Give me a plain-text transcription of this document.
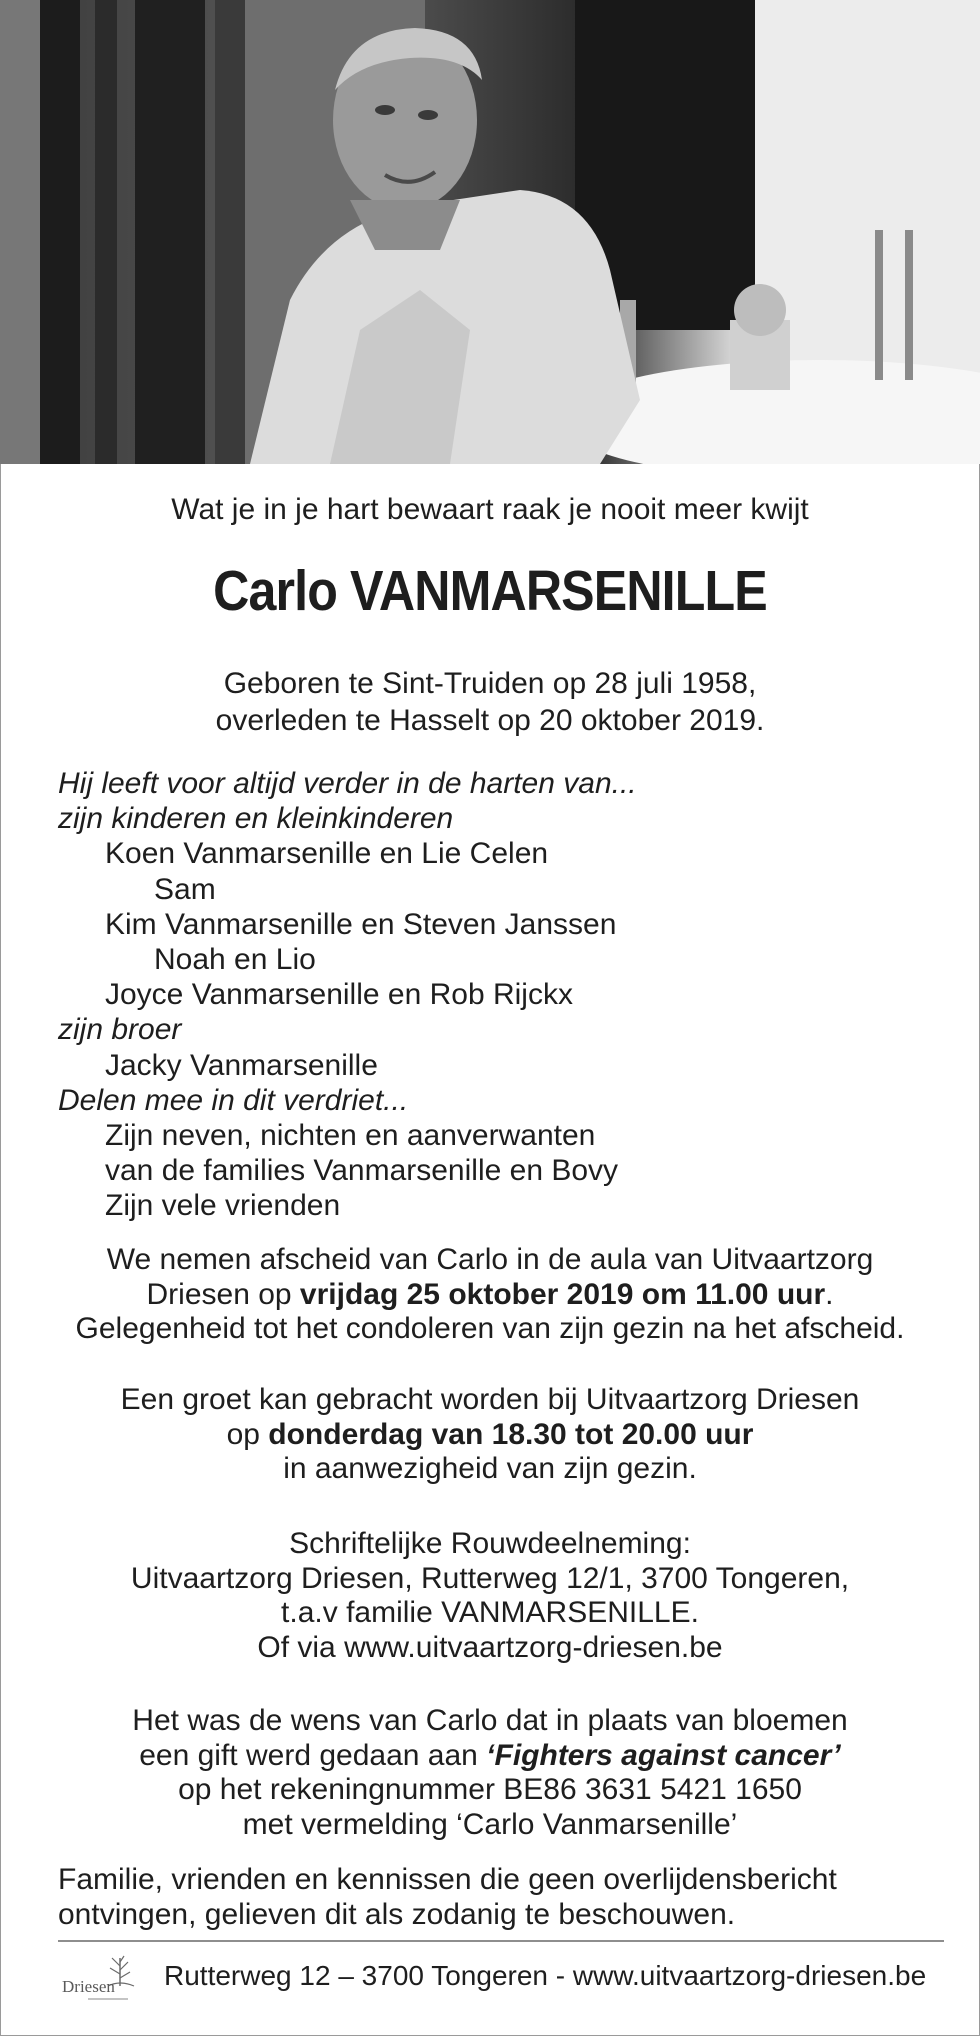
Wat je in je hart bewaart raak je nooit meer kwijt
Carlo VANMARSENILLE
Geboren te Sint-Truiden op 28 juli 1958,
overleden te Hasselt op 20 oktober 2019.
Hij leeft voor altijd verder in de harten van...
zijn kinderen en kleinkinderen
Koen Vanmarsenille en Lie Celen
Sam
Kim Vanmarsenille en Steven Janssen
Noah en Lio
Joyce Vanmarsenille en Rob Rijckx
zijn broer
Jacky Vanmarsenille
Delen mee in dit verdriet...
Zijn neven, nichten en aanverwanten
van de families Vanmarsenille en Bovy
Zijn vele vrienden
We nemen afscheid van Carlo in de aula van Uitvaartzorg
Driesen op vrijdag 25 oktober 2019 om 11.00 uur.
Gelegenheid tot het condoleren van zijn gezin na het afscheid.
Een groet kan gebracht worden bij Uitvaartzorg Driesen
op donderdag van 18.30 tot 20.00 uur
in aanwezigheid van zijn gezin.
Schriftelijke Rouwdeelneming:
Uitvaartzorg Driesen, Rutterweg 12/1, 3700 Tongeren,
t.a.v familie VANMARSENILLE.
Of via www.uitvaartzorg-driesen.be
Het was de wens van Carlo dat in plaats van bloemen
een gift werd gedaan aan ‘Fighters against cancer’
op het rekeningnummer BE86 3631 5421 1650
met vermelding ‘Carlo Vanmarsenille’
Familie, vrienden en kennissen die geen overlijdensbericht
ontvingen, gelieven dit als zodanig te beschouwen.
Driesen Rutterweg 12 – 3700 Tongeren - www.uitvaartzorg-driesen.be
